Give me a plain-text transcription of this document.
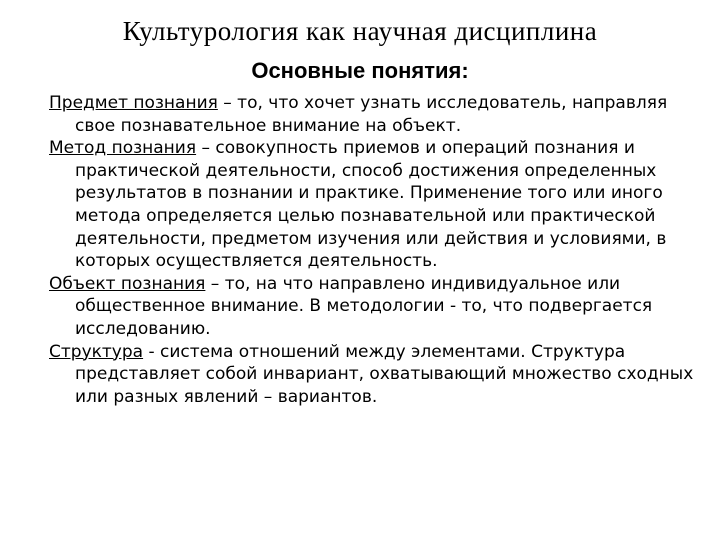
Культурология как научная дисциплина
Основные понятия:

Предмет познания – то, что хочет узнать исследователь, направляя свое познавательное внимание на объект.

Метод познания – совокупность приемов и операций познания и практической деятельности, способ достижения определенных результатов в познании и практике. Применение того или иного метода определяется целью познавательной или практической деятельности, предметом изучения или действия и условиями, в которых осуществляется деятельность.

Объект познания – то, на что направлено индивидуальное или общественное внимание. В методологии - то, что подвергается исследованию.

Структура - система отношений между элементами. Структура представляет собой инвариант, охватывающий множество сходных или разных явлений – вариантов.
